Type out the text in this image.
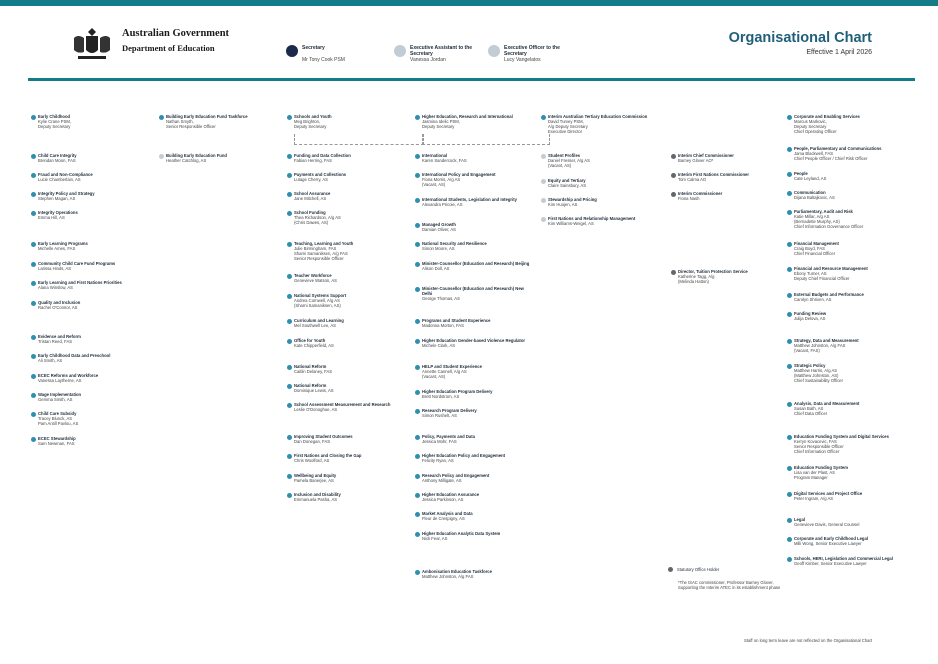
Australian Government
Department of Education	Secretary
Mr Tony Cook PSM
Executive Assistant to the Secretary
Vanessa Jordan
Executive Officer to the Secretary
Lucy Vangelatos
Organisational Chart
Effective 1 April 2026
Early Childhood
Kylie Crane PSM,
Deputy Secretary
Child Care Integrity
Brendan Moon, FAS
Fraud and Non-Compliance
Lucie Chamberlain, AS
Integrity Policy and Strategy
Stephen Magan, AS
Integrity Operations
Emma Hill, AS
Early Learning Programs
Michelle Ames, FAS
Community Child Care Fund Programs
Larissa Hinds, AS
Early Learning and First Nations Priorities
Alana Winslow, AS
Quality and Inclusion
Rachel O'Connor, AS
Evidence and Reform
Tristan Reed, FAS
Early Childhood Data and Preschool
Ali Smith, AS
ECEC Reforms and Workforce
Vanessa Laytherne, AS
Wage Implementation
Gemma Smith, AS
Child Care Subsidy
Tracey Blunck, AS
Pam Antill Pavlou, AS
ECEC Stewardship
Sam Newman, FAS
Building Early Education Fund Taskforce
Nathan Smyth,
Senior Responsible Officer
Building Early Education Fund
Heather Catchlog, AS
Schools and Youth
Meg Brighton,
Deputy Secretary
Funding and Data Collection
Fabian Herring, FAS
Payments and Collections
Lutage Cherry, AS
School Assurance
Jane Mitchell, AS
School Funding
Thea Richardson, A/g AS
(Chris Dawes, AS)
Teaching, Learning and Youth
Julie Birmingham, FAS
Sharni Samaniksen, A/g FAS
Senior Responsible Officer
Teacher Workforce
Genevieve Watson, AS
National Systems Support
Andrea Cornwell, A/g AS
(Sharni Samaniksen, AS)
Curriculum and Learning
Mel Southwell Lee, AS
Office for Youth
Kate Chipperfield, AS
National Reform
Caitlin Delaney, FAS
National Reform
Dominique Lewis, AS
School Assessment Measurement and Research
Leslie O'Donoghue, AS
Improving Student Outcomes
Dan Donegan, FAS
First Nations and Closing the Gap
Chris Woolford, AS
Wellbeing and Equity
Pamela Banerjee, AS
Inclusion and Disability
Emmanuela Pasha, AS
Higher Education, Research and International
Jasmina Idelic PSM,
Deputy Secretary
International
Karen Sandercock, FAS
International Policy and Engagement
Fiona Morris, A/g AS
(Vacant, AS)
International Students, Legislation and Integrity
Alexandra Pricoie, AS
Managed Growth
Damian Oliver, AS
National Security and Resilience
Simon Moore, AS
Minister-Counsellor (Education and Research) Beijing
Alison Doll, AS
Minister-Counsellor (Education and Research) New Delhi
George Thomas, AS
Programs and Student Experience
Madonna Morton, FAS
Higher Education Gender-based Violence Regulator
Michele Clark, AS
HELP and Student Experience
Annette Cannell, A/g AS
(Vacant, AS)
Higher Education Program Delivery
Brett Nordstrom, AS
Research Program Delivery
Simon Rushelt, AS
Policy, Payments and Data
Jessica Mohr, FAS
Higher Education Policy and Engagement
Felicity Ryan, AS
Research Policy and Engagement
Anthony Milligate, AS
Higher Education Assurance
Jessica Parkinson, AS
Market Analysis and Data
Fleur de Crespigny, AS
Higher Education Analytic Data System
Nick Fear, AS
Ambonisation Education Taskforce
Matthew Johnston, A/g FAS
Interim Australian Tertiary Education Commission
David Turvey PSM,
A/g Deputy Secretary
Executive Director
Student Profiles
Daniel Fresser, A/g AS
(Vacant, AS)
Equity and Tertiary
Claire Sainsbury, AS
Stewardship and Pricing
Kim Huojen, AS
First Nations and Relationship Management
Kim Williams-Weigel, AS
Interim Chief Commissioner
Barney Glover AO*
Interim First Nations Commissioner
Tom Calma AO
Interim Commissioner
Fiona Nash
Director, Tuition Protection Service
Katherine Tagg, A/g
(Melinda Hatton)
Corporate and Enabling Services
Marcus Markovic,
Deputy Secretary
Chief Operating Officer
People, Parliamentary and Communications
Jama Blackwell, FAS
Chief People Officer / Chief Risk Officer
People
Cate Leyland, AS
Communication
Dijana Baltajkovic, AS
Parliamentary, Audit and Risk
Katie Millar, A/g AS
(Bernadette Murphy, AS)
Chief Information Governance Officer
Financial Management
Craig Boyd, FAS
Chief Financial Officer
Financial and Resource Management
Ebony Turner, AS
Deputy Chief Financial Officer
External Budgets and Performance
Carolyn Shriven, AS
Funding Review
Julija Delova, AS
Strategy, Data and Measurement
Matthew Johnston, A/g FAS
(Vacant, FAS)
Strategic Policy
Matthew Harris, A/g AS
(Matthew Johnston, AS)
Chief Sustainability Officer
Analysis, Data and Measurement
Susan Bath, AS
Chief Data Officer
Education Funding System and Digital Services
Kerryn Kovacevic, FAS
Senior Responsible Officer
Chief Information Officer
Education Funding System
Lisa van der Plast, AS
Program Manager
Digital Services and Project Office
Peter Ingram, A/g AS
Legal
Genevieve Davis, General Counsel
Corporate and Early Childhood Legal
Milli Wong, Senior Executive Lawyer
Schools, HERI, Legislation and Commercial Legal
Geoff Kimber, Senior Executive Lawyer
Statutory Office Holder
*The ISAC commissioner, Professor Barney Glover, Supporting the Interim ATEC in its establishment phase
Staff on long term leave are not reflected on the Organisational Chart
